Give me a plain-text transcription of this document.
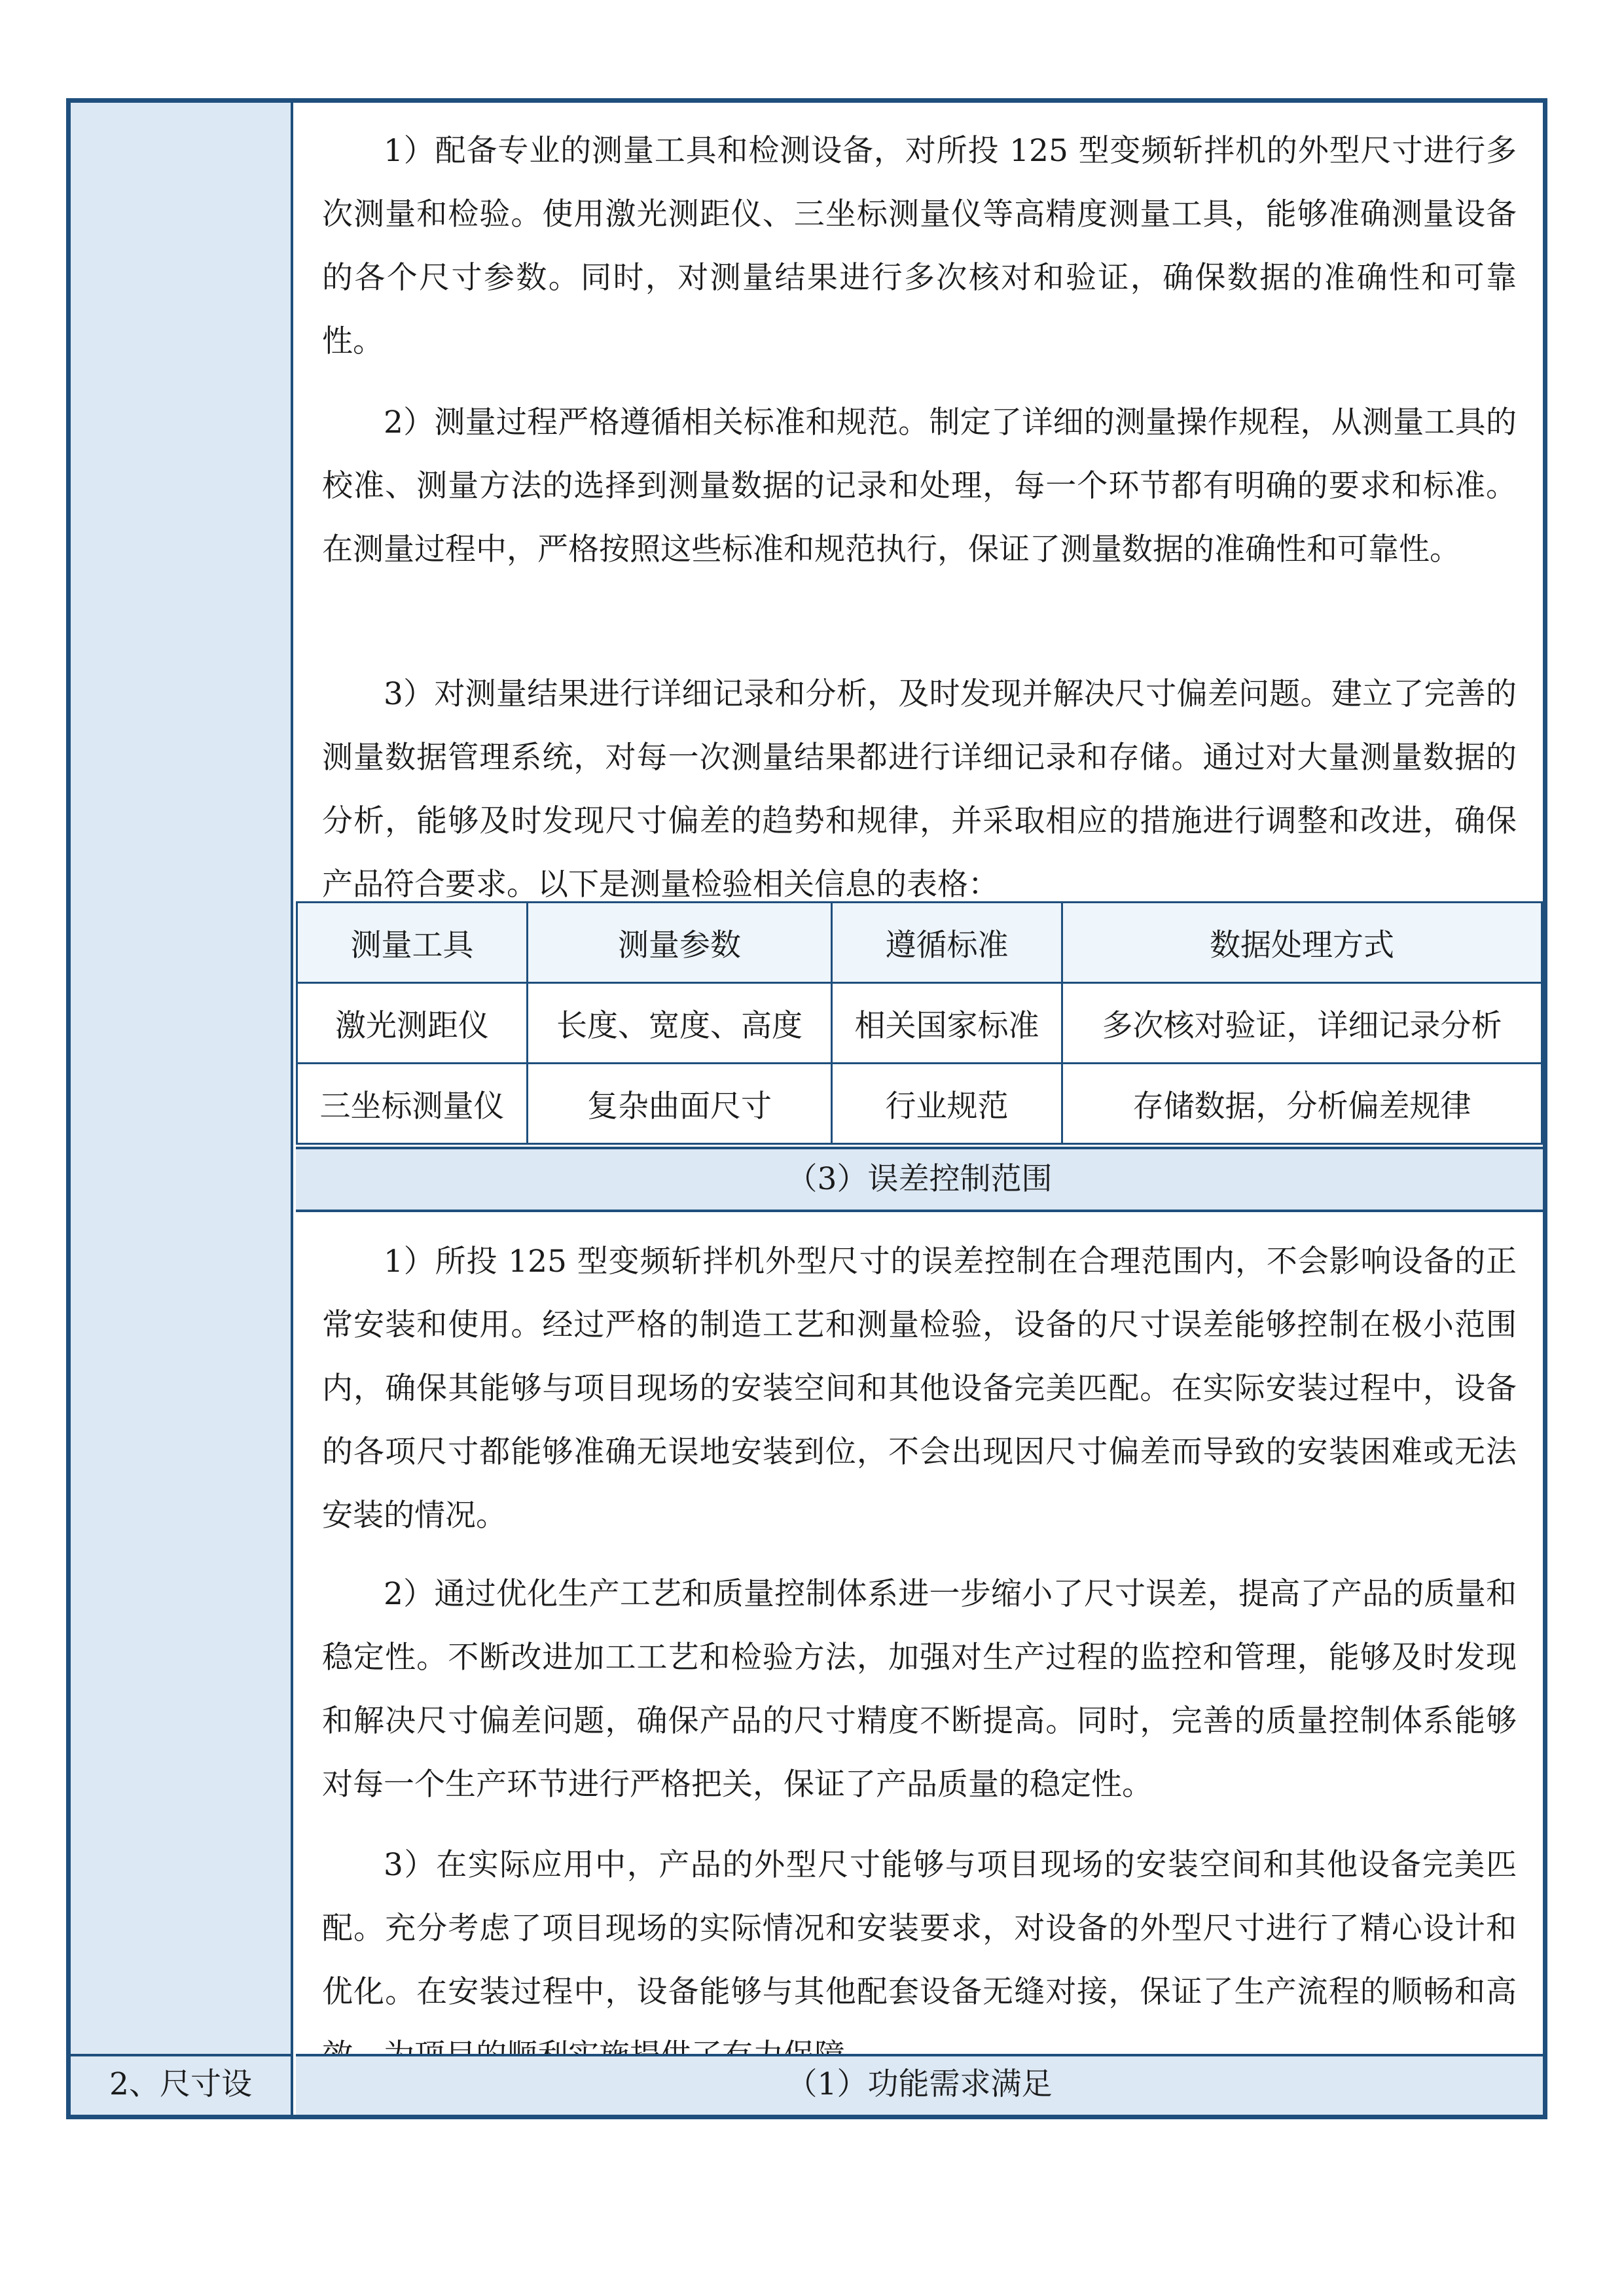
1）配备专业的测量工具和检测设备，对所投 125 型变频斩拌机的外型尺寸进行多次测量和检验。使用激光测距仪、三坐标测量仪等高精度测量工具，能够准确测量设备的各个尺寸参数。同时，对测量结果进行多次核对和验证，确保数据的准确性和可靠性。

2）测量过程严格遵循相关标准和规范。制定了详细的测量操作规程，从测量工具的校准、测量方法的选择到测量数据的记录和处理，每一个环节都有明确的要求和标准。在测量过程中，严格按照这些标准和规范执行，保证了测量数据的准确性和可靠性。

3）对测量结果进行详细记录和分析，及时发现并解决尺寸偏差问题。建立了完善的测量数据管理系统，对每一次测量结果都进行详细记录和存储。通过对大量测量数据的分析，能够及时发现尺寸偏差的趋势和规律，并采取相应的措施进行调整和改进，确保产品符合要求。以下是测量检验相关信息的表格：

测量工具	测量参数	遵循标准	数据处理方式
激光测距仪	长度、宽度、高度	相关国家标准	多次核对验证，详细记录分析
三坐标测量仪	复杂曲面尺寸	行业规范	存储数据，分析偏差规律
（3）误差控制范围

1）所投 125 型变频斩拌机外型尺寸的误差控制在合理范围内，不会影响设备的正常安装和使用。经过严格的制造工艺和测量检验，设备的尺寸误差能够控制在极小范围内，确保其能够与项目现场的安装空间和其他设备完美匹配。在实际安装过程中，设备的各项尺寸都能够准确无误地安装到位，不会出现因尺寸偏差而导致的安装困难或无法安装的情况。

2）通过优化生产工艺和质量控制体系进一步缩小了尺寸误差，提高了产品的质量和稳定性。不断改进加工工艺和检验方法，加强对生产过程的监控和管理，能够及时发现和解决尺寸偏差问题，确保产品的尺寸精度不断提高。同时，完善的质量控制体系能够对每一个生产环节进行严格把关，保证了产品质量的稳定性。

3）在实际应用中，产品的外型尺寸能够与项目现场的安装空间和其他设备完美匹配。充分考虑了项目现场的实际情况和安装要求，对设备的外型尺寸进行了精心设计和优化。在安装过程中，设备能够与其他配套设备无缝对接，保证了生产流程的顺畅和高

（1）功能需求满足
2、尺寸设
